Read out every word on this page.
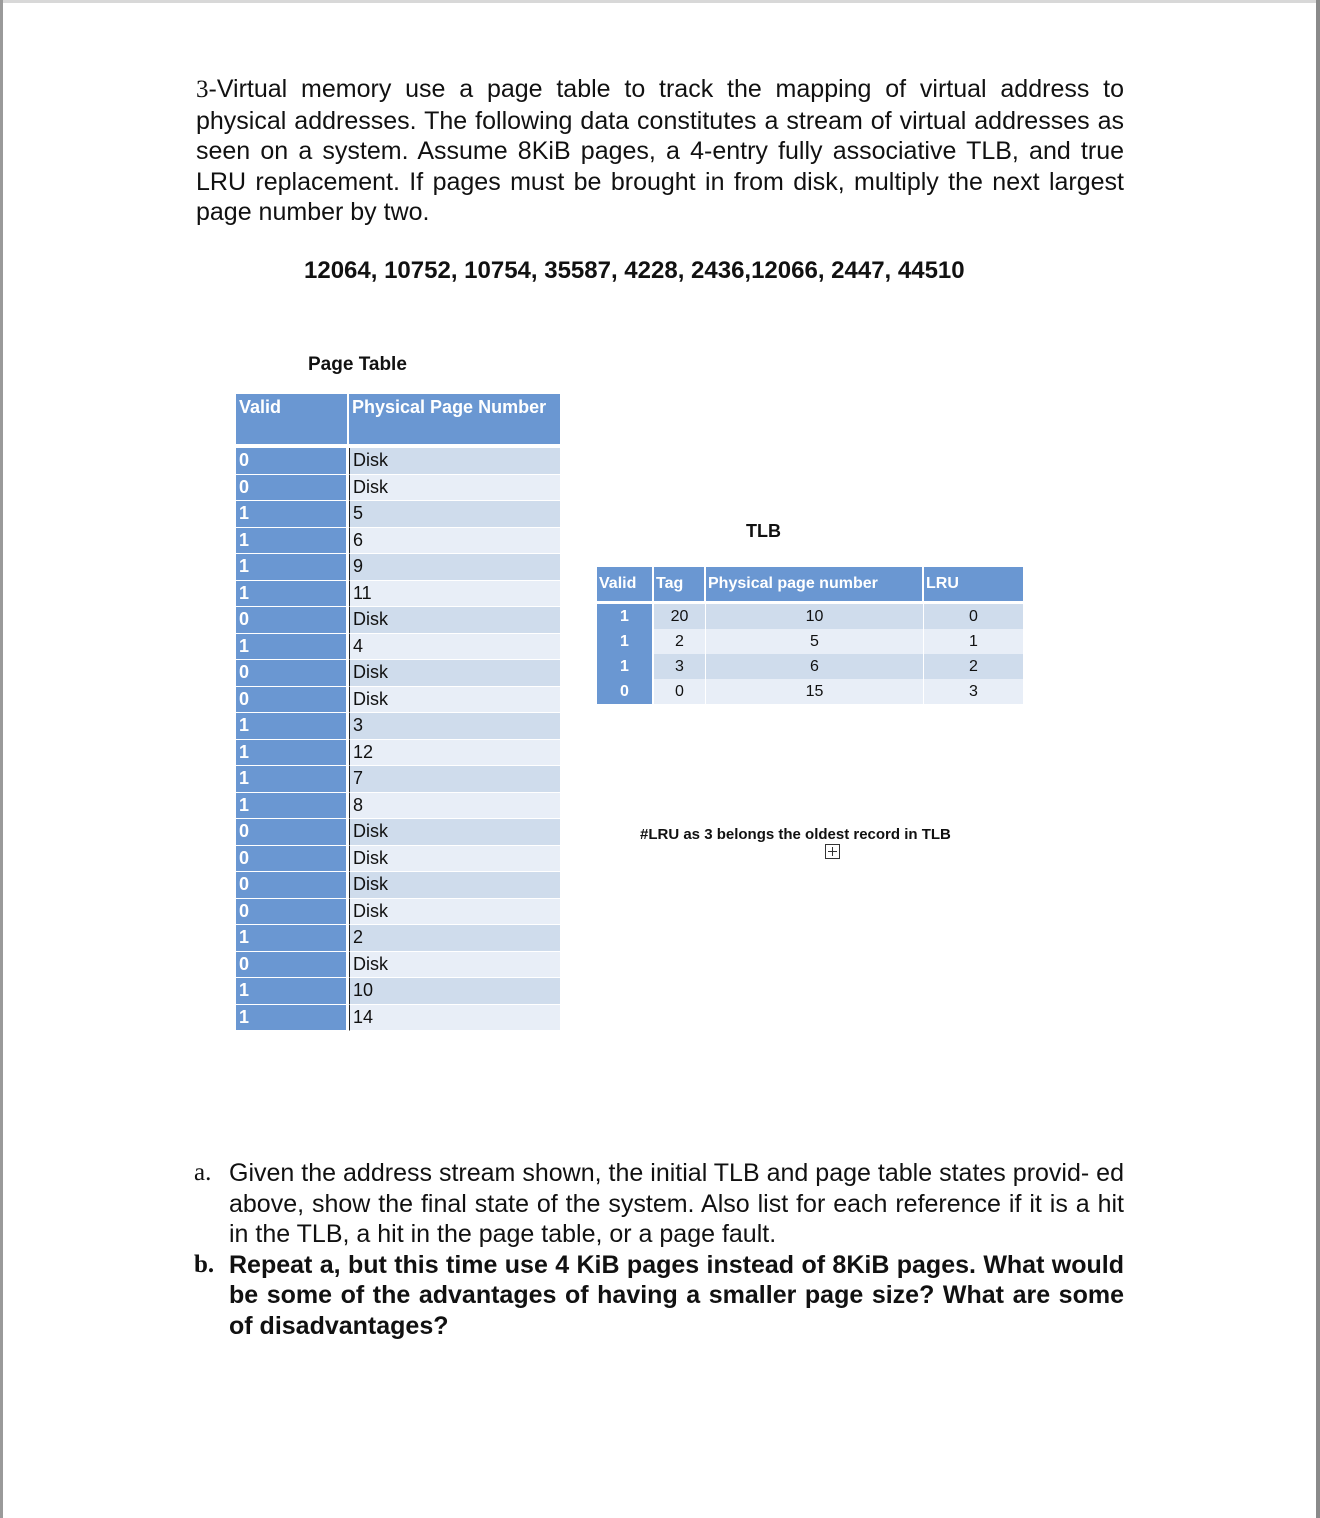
3-Virtual memory use a page table to track the mapping of virtual address to physical addresses. The following data constitutes a stream of virtual addresses as seen on a system. Assume 8KiB pages, a 4-entry fully associative TLB, and true LRU replacement. If pages must be brought in from disk, multiply the next largest page number by two.

12064, 10752, 10754, 35587, 4228, 2436,12066, 2447, 44510

Page Table
Valid	Physical Page Number
0	Disk
0	Disk
1	5
1	6
1	9
1	11
0	Disk
1	4
0	Disk
0	Disk
1	3
1	12
1	7
1	8
0	Disk
0	Disk
0	Disk
0	Disk
1	2
0	Disk
1	10
1	14
TLB
Valid	Tag	Physical page number	LRU
1	20	10	0
1	2	5	1
1	3	6	2
0	0	15	3
#LRU as 3 belongs the oldest record in TLB
a. Given the address stream shown, the initial TLB and page table states provid- ed above, show the final state of the system. Also list for each reference if it is a hit in the TLB, a hit in the page table, or a page fault.
b. Repeat a, but this time use 4 KiB pages instead of 8KiB pages. What would be some of the advantages of having a smaller page size? What are some of disadvantages?
